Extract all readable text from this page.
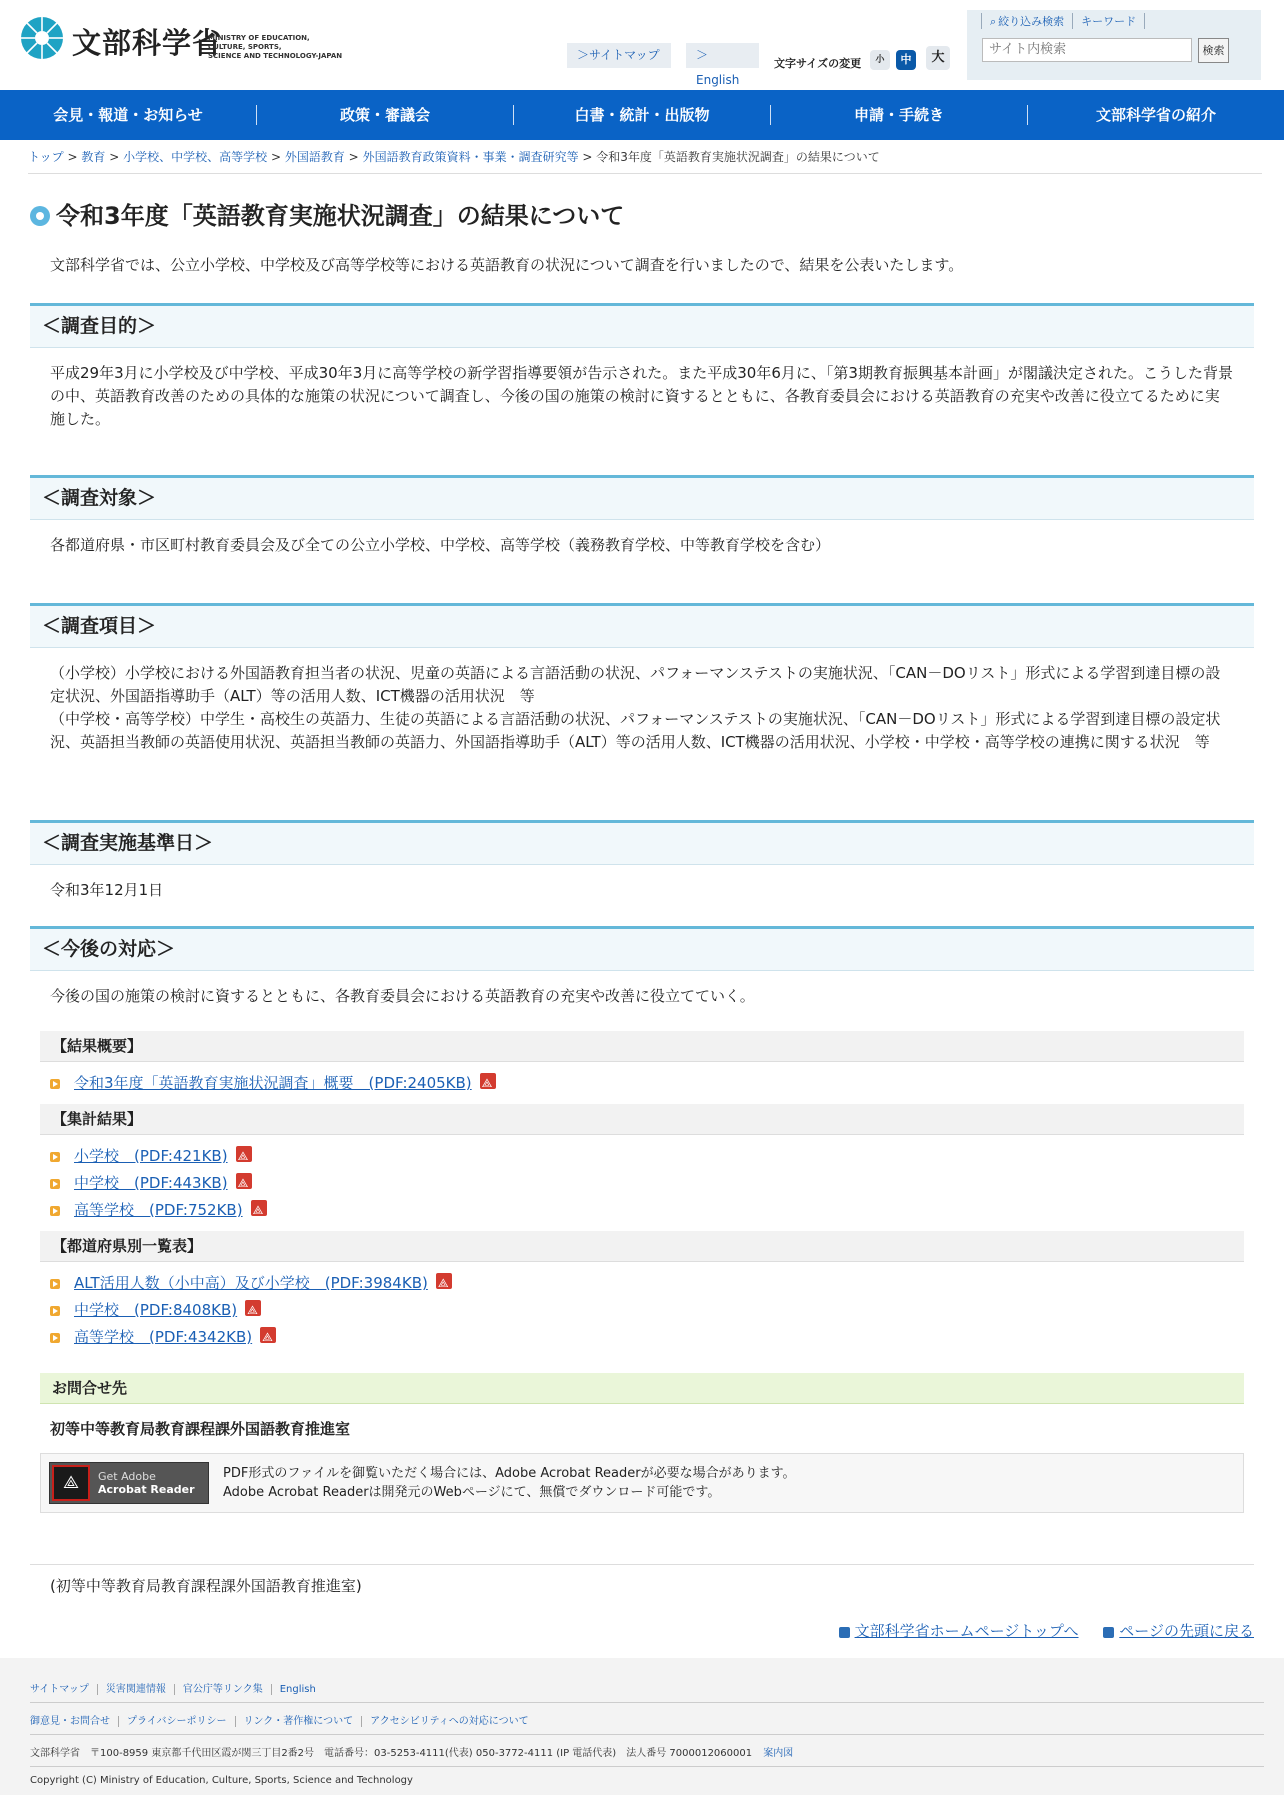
文部科学省
MINISTRY OF EDUCATION,
CULTURE, SPORTS,
SCIENCE AND TECHNOLOGY-JAPAN	＞サイトマップ	＞English
文字サイズの変更	小	中	大
⌕ 絞り込み検索 キーワード
サイト内検索
検索
会見・報道・お知らせ	政策・審議会	白書・統計・出版物	申請・手続き	文部科学省の紹介
トップ > 教育 > 小学校、中学校、高等学校 > 外国語教育 > 外国語教育政策資料・事業・調査研究等 > 令和3年度「英語教育実施状況調査」の結果について
令和3年度「英語教育実施状況調査」の結果について

文部科学省では、公立小学校、中学校及び高等学校等における英語教育の状況について調査を行いましたので、結果を公表いたします。

＜調査目的＞

平成29年3月に小学校及び中学校、平成30年3月に高等学校の新学習指導要領が告示された。また平成30年6月に、「第3期教育振興基本計画」が閣議決定された。こうした背景の中、英語教育改善のための具体的な施策の状況について調査し、今後の国の施策の検討に資するとともに、各教育委員会における英語教育の充実や改善に役立てるために実施した。

＜調査対象＞

各都道府県・市区町村教育委員会及び全ての公立小学校、中学校、高等学校（義務教育学校、中等教育学校を含む）

＜調査項目＞

（小学校）小学校における外国語教育担当者の状況、児童の英語による言語活動の状況、パフォーマンステストの実施状況、「CAN－DOリスト」形式による学習到達目標の設定状況、外国語指導助手（ALT）等の活用人数、ICT機器の活用状況　等

（中学校・高等学校）中学生・高校生の英語力、生徒の英語による言語活動の状況、パフォーマンステストの実施状況、「CAN－DOリスト」形式による学習到達目標の設定状況、英語担当教師の英語使用状況、英語担当教師の英語力、外国語指導助手（ALT）等の活用人数、ICT機器の活用状況、小学校・中学校・高等学校の連携に関する状況　等

＜調査実施基準日＞

令和3年12月1日

＜今後の対応＞

今後の国の施策の検討に資するとともに、各教育委員会における英語教育の充実や改善に役立てていく。

【結果概要】
令和3年度「英語教育実施状況調査」概要　(PDF:2405KB)⟁
【集計結果】
小学校　(PDF:421KB)⟁
中学校　(PDF:443KB)⟁
高等学校　(PDF:752KB)⟁
【都道府県別一覧表】
ALT活用人数（小中高）及び小学校　(PDF:3984KB)⟁
中学校　(PDF:8408KB)⟁
高等学校　(PDF:4342KB)⟁
お問合せ先
初等中等教育局教育課程課外国語教育推進室
⟁	Get Adobe
Acrobat Reader
PDF形式のファイルを御覧いただく場合には、Adobe Acrobat Readerが必要な場合があります。
Adobe Acrobat Readerは開発元のWebページにて、無償でダウンロード可能です。

(初等中等教育局教育課程課外国語教育推進室)

文部科学省ホームページトップへ	ページの先頭に戻る
サイトマップ 災害関連情報 官公庁等リンク集 English
御意見・お問合せ プライバシーポリシー リンク・著作権について アクセシビリティへの対応について
文部科学省　〒100-8959 東京都千代田区霞が関三丁目2番2号　電話番号：03-5253-4111(代表) 050-3772-4111 (IP 電話代表)　法人番号 7000012060001 案内図
Copyright (C) Ministry of Education, Culture, Sports, Science and Technology
